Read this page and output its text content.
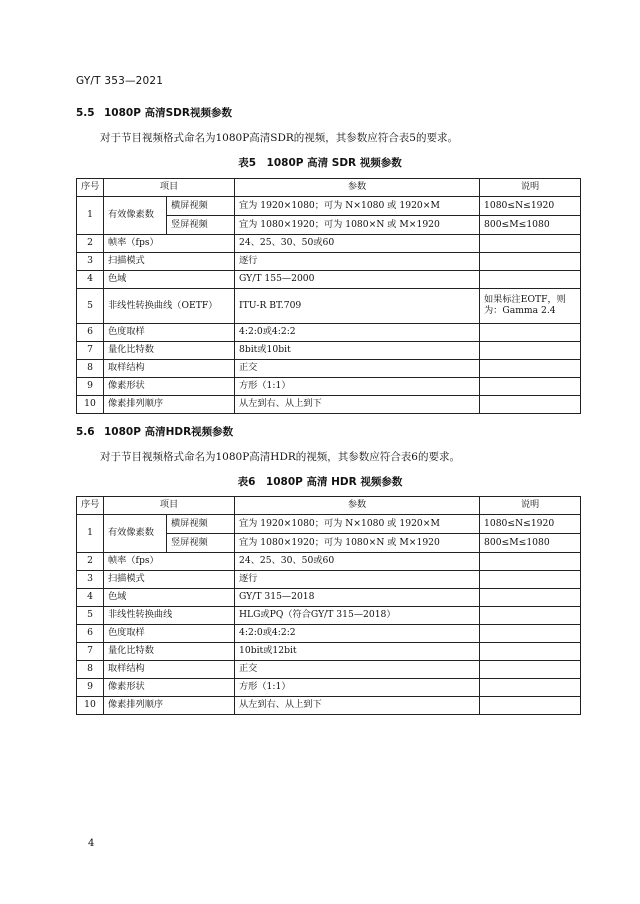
GY/T 353—2021
5.5 1080P 高清SDR视频参数
对于节目视频格式命名为1080P高清SDR的视频，其参数应符合表5的要求。
表5　1080P 高清 SDR 视频参数
序号	项目		参数	说明
1	有效像素数	横屏视频	宜为 1920×1080；可为 N×1080 或 1920×M	1080≤N≤1920
		竖屏视频	宜为 1080×1920；可为 1080×N 或 M×1920	800≤M≤1080
2	帧率（fps）		24、25、30、50或60	
3	扫描模式		逐行	
4	色域		GY/T 155—2000	
5	非线性转换曲线（OETF）		ITU-R BT.709	如果标注EOTF，则为：Gamma 2.4
6	色度取样		4:2:0或4:2:2	
7	量化比特数		8bit或10bit	
8	取样结构		正交	
9	像素形状		方形（1:1）	
10	像素排列顺序		从左到右、从上到下	
5.6 1080P 高清HDR视频参数
对于节目视频格式命名为1080P高清HDR的视频，其参数应符合表6的要求。
表6　1080P 高清 HDR 视频参数
序号	项目		参数	说明
1	有效像素数	横屏视频	宜为 1920×1080；可为 N×1080 或 1920×M	1080≤N≤1920
		竖屏视频	宜为 1080×1920；可为 1080×N 或 M×1920	800≤M≤1080
2	帧率（fps）		24、25、30、50或60	
3	扫描模式		逐行	
4	色域		GY/T 315—2018	
5	非线性转换曲线		HLG或PQ（符合GY/T 315—2018）	
6	色度取样		4:2:0或4:2:2	
7	量化比特数		10bit或12bit	
8	取样结构		正交	
9	像素形状		方形（1:1）	
10	像素排列顺序		从左到右、从上到下	
4
